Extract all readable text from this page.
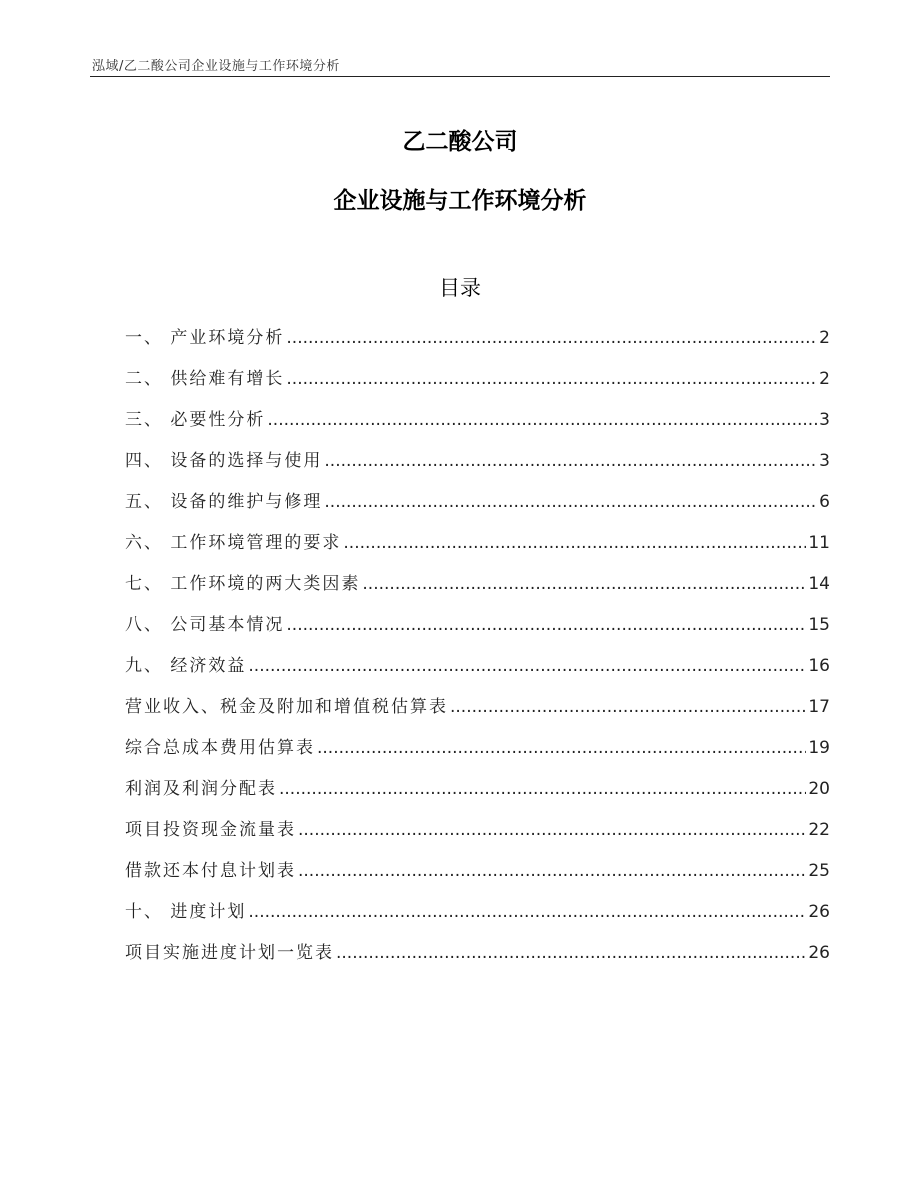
泓域/乙二酸公司企业设施与工作环境分析
乙二酸公司
企业设施与工作环境分析
目录
一、 产业环境分析 .....	2
二、 供给难有增长 .....	2
三、 必要性分析 .....	3
四、 设备的选择与使用 .....	3
五、 设备的维护与修理 .....	6
六、 工作环境管理的要求 .....	11
七、 工作环境的两大类因素 .....	14
八、 公司基本情况 .....	15
九、 经济效益 .....	16
营业收入、税金及附加和增值税估算表 .....	17
综合总成本费用估算表 .....	19
利润及利润分配表 .....	20
项目投资现金流量表 .....	22
借款还本付息计划表 .....	25
十、 进度计划 .....	26
项目实施进度计划一览表 .....	26
